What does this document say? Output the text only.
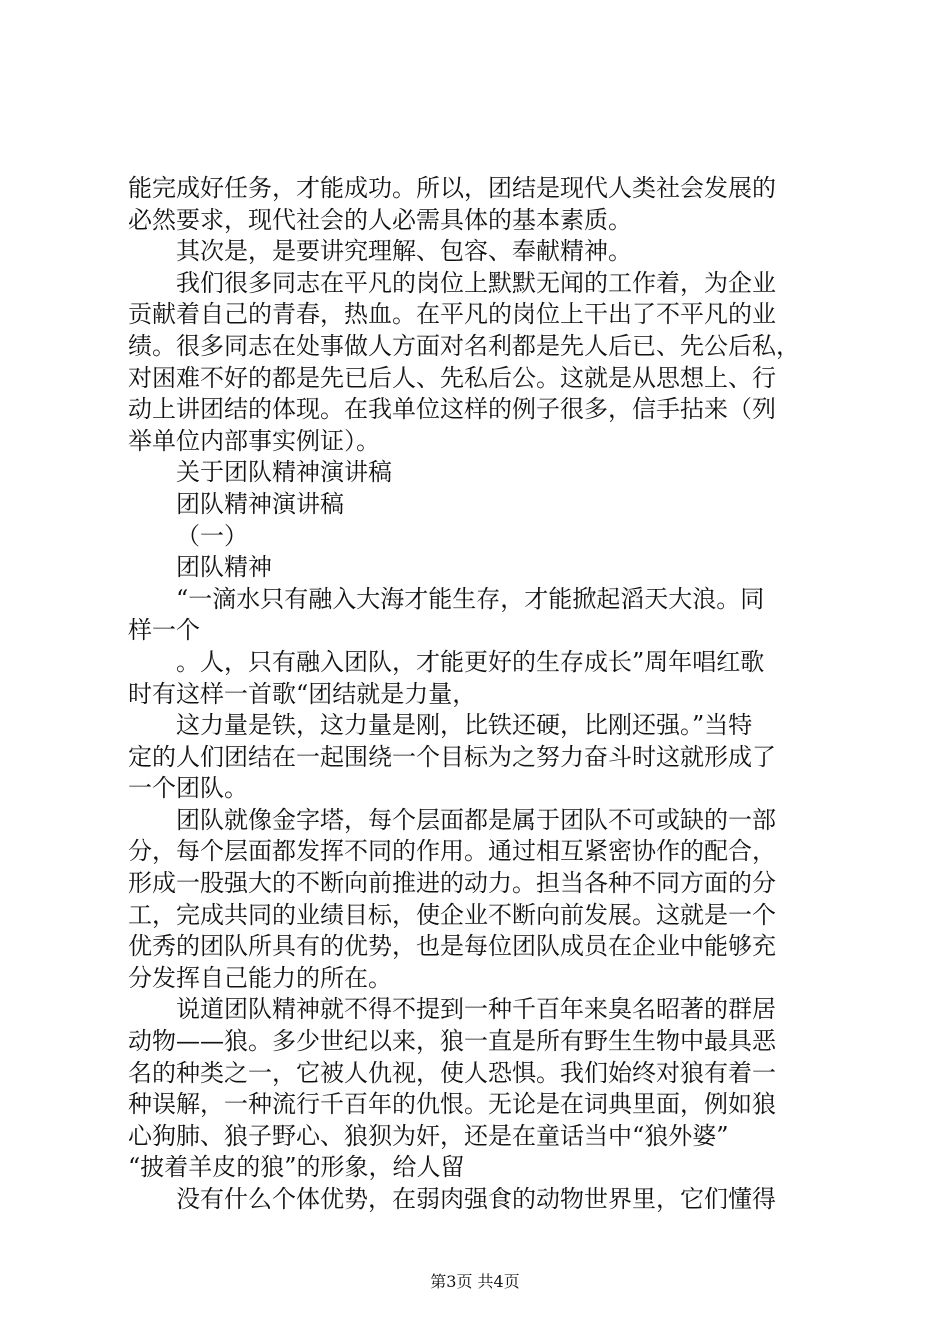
能完成好任务，才能成功。所以，团结是现代人类社会发展的
必然要求，现代社会的人必需具体的基本素质。
其次是，是要讲究理解、包容、奉献精神。
我们很多同志在平凡的岗位上默默无闻的工作着，为企业
贡献着自己的青春，热血。在平凡的岗位上干出了不平凡的业
绩。很多同志在处事做人方面对名利都是先人后已、先公后私，
对困难不好的都是先已后人、先私后公。这就是从思想上、行
动上讲团结的体现。在我单位这样的例子很多，信手拈来（列
举单位内部事实例证）。
关于团队精神演讲稿
团队精神演讲稿
（一）
团队精神
“一滴水只有融入大海才能生存，才能掀起滔天大浪。同
样一个
。人，只有融入团队，才能更好的生存成长”周年唱红歌
时有这样一首歌“团结就是力量，
这力量是铁，这力量是刚，比铁还硬，比刚还强。”当特
定的人们团结在一起围绕一个目标为之努力奋斗时这就形成了
一个团队。
团队就像金字塔，每个层面都是属于团队不可或缺的一部
分，每个层面都发挥不同的作用。通过相互紧密协作的配合，
形成一股强大的不断向前推进的动力。担当各种不同方面的分
工，完成共同的业绩目标，使企业不断向前发展。这就是一个
优秀的团队所具有的优势，也是每位团队成员在企业中能够充
分发挥自己能力的所在。
说道团队精神就不得不提到一种千百年来臭名昭著的群居
动物——狼。多少世纪以来，狼一直是所有野生生物中最具恶
名的种类之一，它被人仇视，使人恐惧。我们始终对狼有着一
种误解，一种流行千百年的仇恨。无论是在词典里面，例如狼
心狗肺、狼子野心、狼狈为奸，还是在童话当中“狼外婆”
“披着羊皮的狼”的形象，给人留
没有什么个体优势，在弱肉强食的动物世界里，它们懂得
第3页 共4页
